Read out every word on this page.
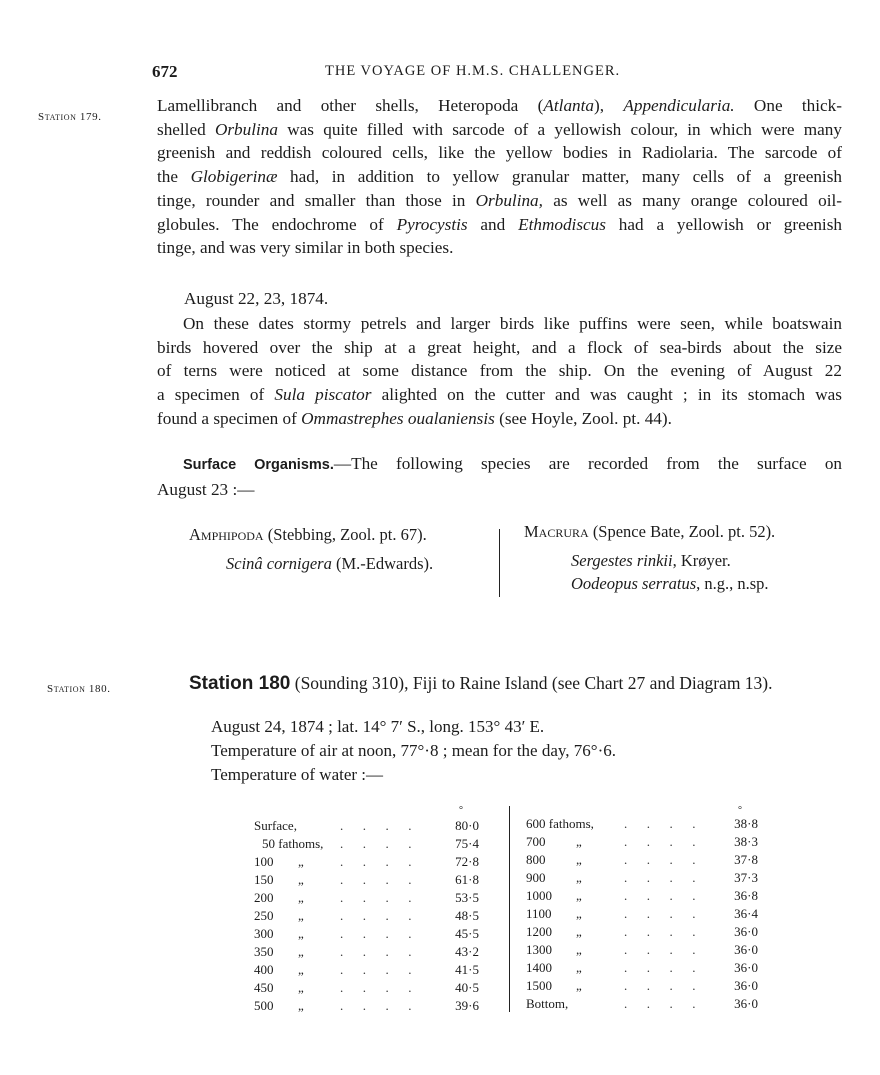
672	THE VOYAGE OF H.M.S. CHALLENGER.
Station 179.
Lamellibranch and other shells, Heteropoda (Atlanta), Appendicularia. One thick-
shelled Orbulina was quite filled with sarcode of a yellowish colour, in which were many
greenish and reddish coloured cells, like the yellow bodies in Radiolaria. The sarcode of
the Globigerinæ had, in addition to yellow granular matter, many cells of a greenish
tinge, rounder and smaller than those in Orbulina, as well as many orange coloured oil-
globules. The endochrome of Pyrocystis and Ethmodiscus had a yellowish or greenish
tinge, and was very similar in both species.
August 22, 23, 1874.
On these dates stormy petrels and larger birds like puffins were seen, while boatswain
birds hovered over the ship at a great height, and a flock of sea-birds about the size
of terns were noticed at some distance from the ship. On the evening of August 22
a specimen of Sula piscator alighted on the cutter and was caught ; in its stomach was
found a specimen of Ommastrephes oualaniensis (see Hoyle, Zool. pt. 44).
Surface Organisms.—The following species are recorded from the surface on
August 23 :—
Amphipoda (Stebbing, Zool. pt. 67).
Scinâ cornigera (M.-Edwards).
Macrura (Spence Bate, Zool. pt. 52).
Sergestes rinkii, Krøyer.
Oodeopus serratus, n.g., n.sp.
Station 180.	Station 180 (Sounding 310), Fiji to Raine Island (see Chart 27 and Diagram 13).
August 24, 1874 ; lat. 14° 7′ S., long. 153° 43′ E.
Temperature of air at noon, 77°·8 ; mean for the day, 76°·6.
Temperature of water :—
°	°
Surface,		.      .      .      .	80·0
50 fathoms,		.      .      .      .	75·4
100	„	.      .      .      .	72·8
150	„	.      .      .      .	61·8
200	„	.      .      .      .	53·5
250	„	.      .      .      .	48·5
300	„	.      .      .      .	45·5
350	„	.      .      .      .	43·2
400	„	.      .      .      .	41·5
450	„	.      .      .      .	40·5
500	„	.      .      .      .	39·6
600 fathoms,		.      .      .      .	38·8
700	„	.      .      .      .	38·3
800	„	.      .      .      .	37·8
900	„	.      .      .      .	37·3
1000	„	.      .      .      .	36·8
1100	„	.      .      .      .	36·4
1200	„	.      .      .      .	36·0
1300	„	.      .      .      .	36·0
1400	„	.      .      .      .	36·0
1500	„	.      .      .      .	36·0
Bottom,		.      .      .      .	36·0
